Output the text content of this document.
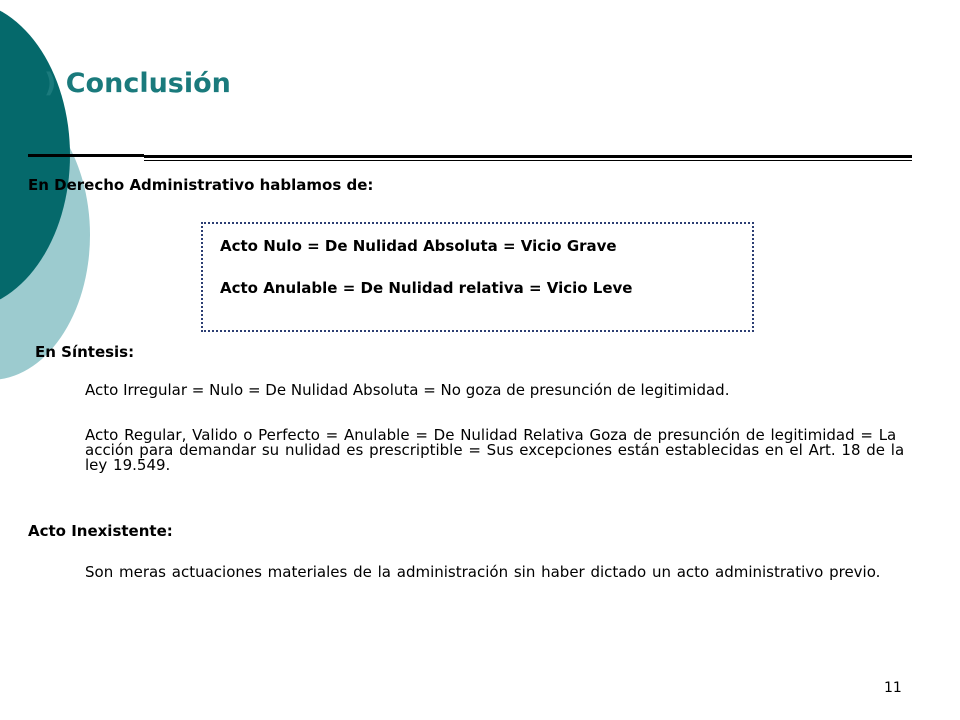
) Conclusión
En Derecho Administrativo hablamos de:
Acto Nulo = De Nulidad Absoluta = Vicio Grave
Acto Anulable = De Nulidad relativa = Vicio Leve
En Síntesis:
Acto Irregular = Nulo = De Nulidad Absoluta = No goza de presunción de legitimidad.
Acto Regular, Valido o Perfecto = Anulable = De Nulidad Relativa Goza de presunción de legitimidad = La acción para demandar su nulidad es prescriptible = Sus excepciones están establecidas en el Art. 18 de la ley 19.549.
Acto Inexistente:
Son meras actuaciones materiales de la administración sin haber dictado un acto administrativo previo.
11
